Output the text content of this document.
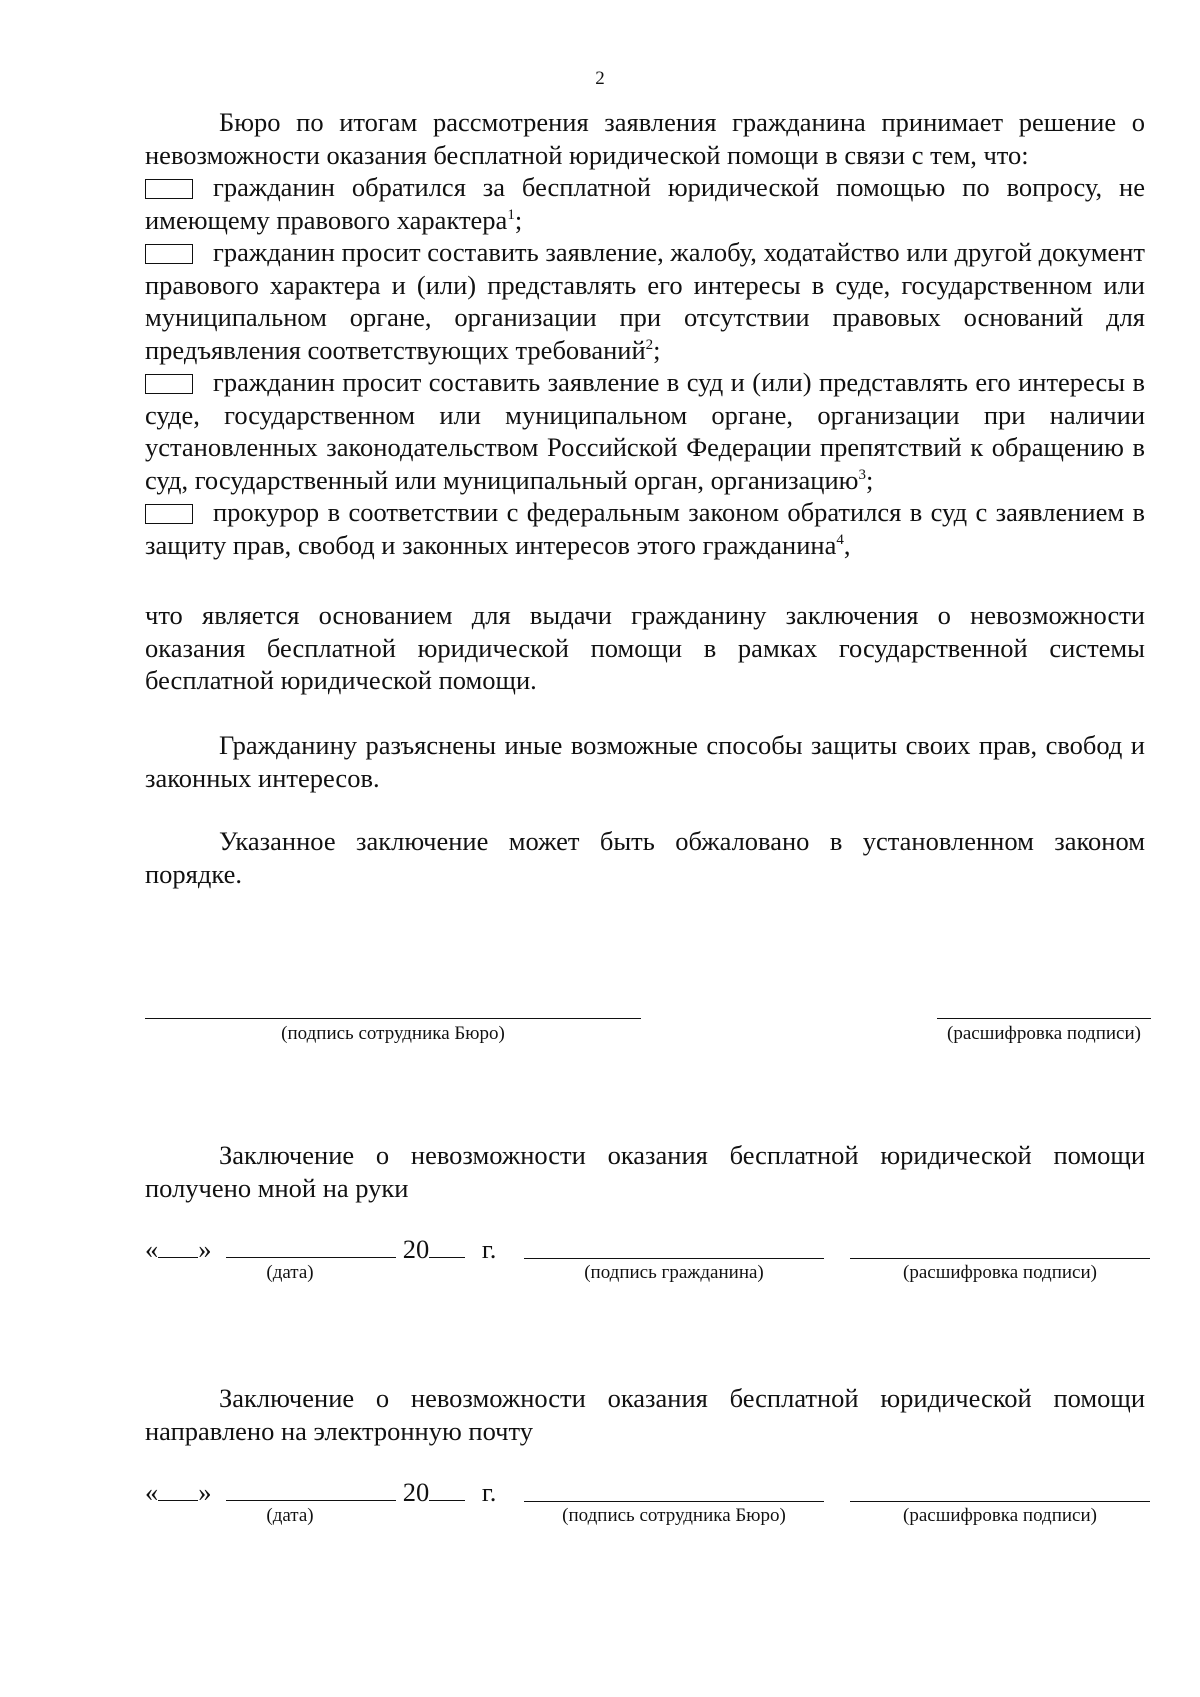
2

Бюро по итогам рассмотрения заявления гражданина принимает решение о невозможности оказания бесплатной юридической помощи в связи с тем, что:

гражданин обратился за бесплатной юридической помощью по вопросу, не имеющему правового характера$^1$;
гражданин просит составить заявление, жалобу, ходатайство или другой документ правового характера и (или) представлять его интересы в суде, государственном или муниципальном органе, организации при отсутствии правовых оснований для предъявления соответствующих требований$^2$;
гражданин просит составить заявление в суд и (или) представлять его интересы в суде, государственном или муниципальном органе, организации при наличии установленных законодательством Российской Федерации препятствий к обращению в суд, государственный или муниципальный орган, организацию$^3$;
прокурор в соответствии с федеральным законом обратился в суд с заявлением в защиту прав, свобод и законных интересов этого гражданина$^4$,

что является основанием для выдачи гражданину заключения о невозможности оказания бесплатной юридической помощи в рамках государственной системы бесплатной юридической помощи.

Гражданину разъяснены иные возможные способы защиты своих прав, свобод и законных интересов.

Указанное заключение может быть обжаловано в установленном законом порядке.

(подпись сотрудника Бюро)	(расшифровка подписи)

Заключение о невозможности оказания бесплатной юридической помощи получено мной на руки

« »	20 г.
(дата)	(подпись гражданина)	(расшифровка подписи)

Заключение о невозможности оказания бесплатной юридической помощи направлено на электронную почту

« »	20 г.
(дата)	(подпись сотрудника Бюро)	(расшифровка подписи)
